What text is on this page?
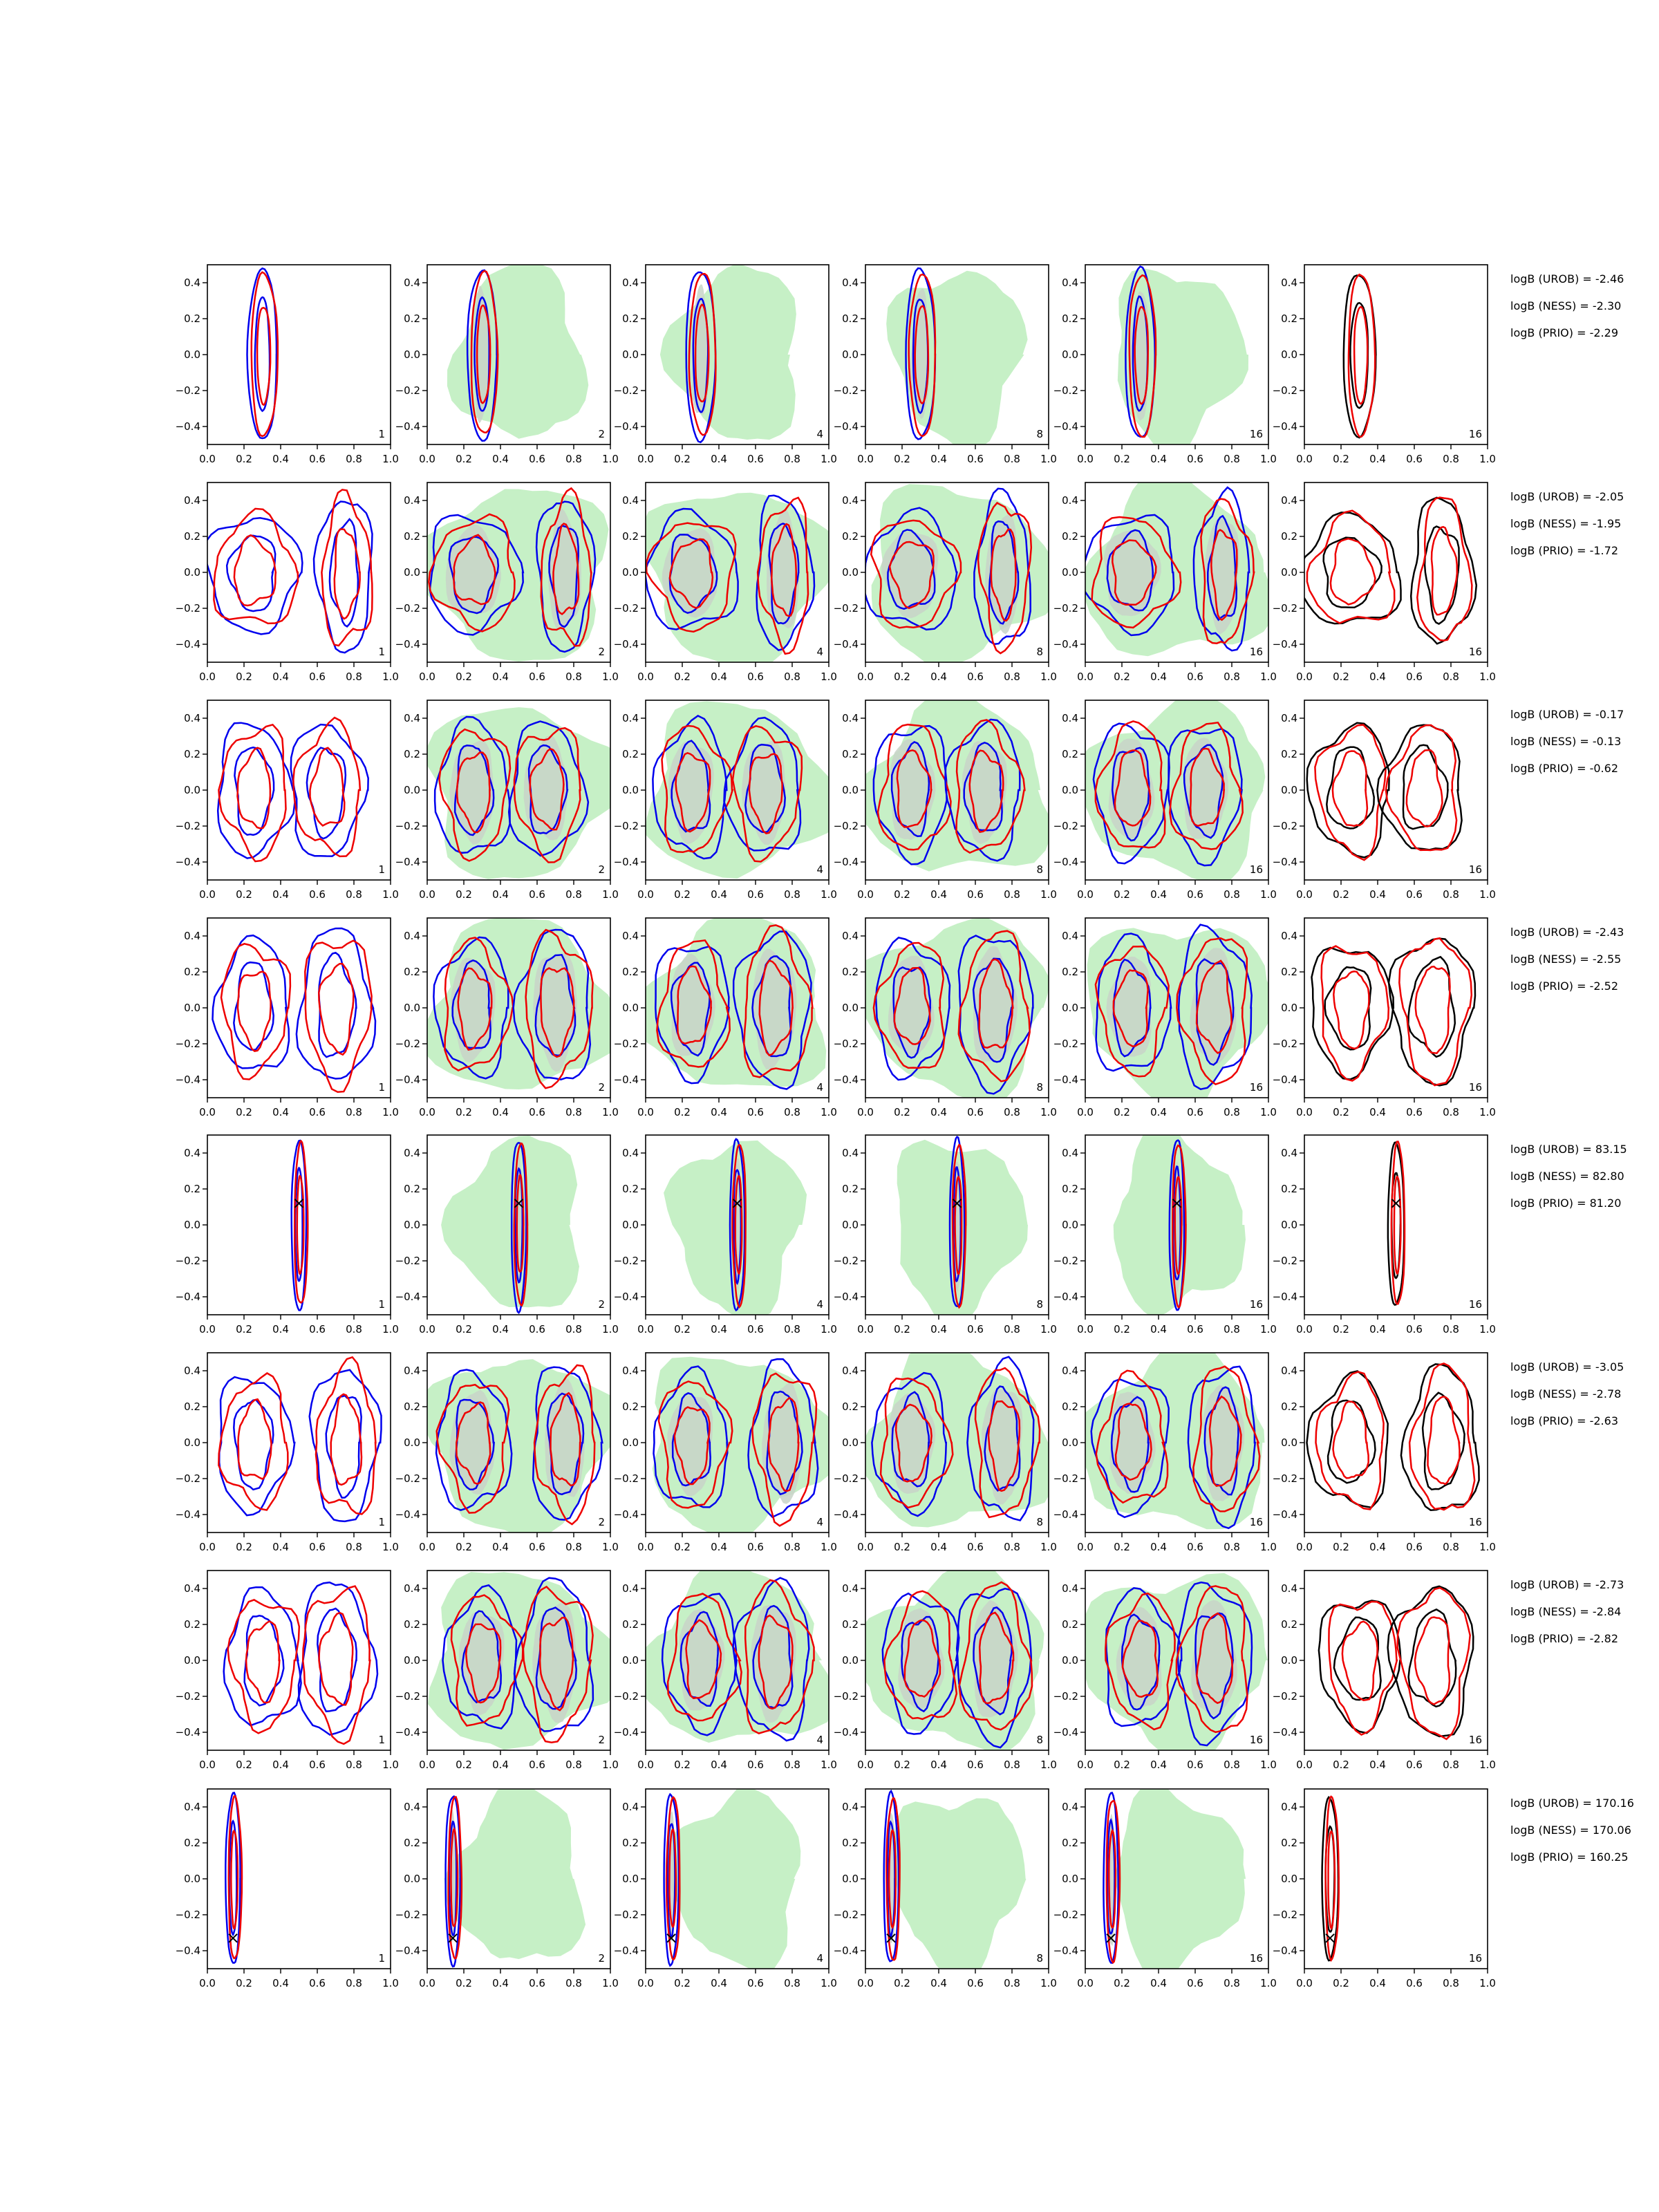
0.0 0.2 0.4 0.6 0.8 1.0
0.4
0.2
0.0
−0.2
−0.4
1
0.0 0.2 0.4 0.6 0.8 1.0
0.4
0.2
0.0
−0.2
−0.4
2
0.0 0.2 0.4 0.6 0.8 1.0
0.4
0.2
0.0
−0.2
−0.4
4
0.0 0.2 0.4 0.6 0.8 1.0
0.4
0.2
0.0
−0.2
−0.4
8
0.0 0.2 0.4 0.6 0.8 1.0
0.4
0.2
0.0
−0.2
−0.4
16
0.0 0.2 0.4 0.6 0.8 1.0
0.4
0.2
0.0
−0.2
−0.4
16
logB (UROB) = -2.46
logB (NESS) = -2.30
logB (PRIO) = -2.29
0.0 0.2 0.4 0.6 0.8 1.0
0.4
0.2
0.0
−0.2
−0.4
1
0.0 0.2 0.4 0.6 0.8 1.0
0.4
0.2
0.0
−0.2
−0.4
2
0.0 0.2 0.4 0.6 0.8 1.0
0.4
0.2
0.0
−0.2
−0.4
4
0.0 0.2 0.4 0.6 0.8 1.0
0.4
0.2
0.0
−0.2
−0.4
8
0.0 0.2 0.4 0.6 0.8 1.0
0.4
0.2
0.0
−0.2
−0.4
16
0.0 0.2 0.4 0.6 0.8 1.0
0.4
0.2
0.0
−0.2
−0.4
16
logB (UROB) = -2.05
logB (NESS) = -1.95
logB (PRIO) = -1.72
0.0 0.2 0.4 0.6 0.8 1.0
0.4
0.2
0.0
−0.2
−0.4
1
0.0 0.2 0.4 0.6 0.8 1.0
0.4
0.2
0.0
−0.2
−0.4
2
0.0 0.2 0.4 0.6 0.8 1.0
0.4
0.2
0.0
−0.2
−0.4
4
0.0 0.2 0.4 0.6 0.8 1.0
0.4
0.2
0.0
−0.2
−0.4
8
0.0 0.2 0.4 0.6 0.8 1.0
0.4
0.2
0.0
−0.2
−0.4
16
0.0 0.2 0.4 0.6 0.8 1.0
0.4
0.2
0.0
−0.2
−0.4
16
logB (UROB) = -0.17
logB (NESS) = -0.13
logB (PRIO) = -0.62
0.0 0.2 0.4 0.6 0.8 1.0
0.4
0.2
0.0
−0.2
−0.4
1
0.0 0.2 0.4 0.6 0.8 1.0
0.4
0.2
0.0
−0.2
−0.4
2
0.0 0.2 0.4 0.6 0.8 1.0
0.4
0.2
0.0
−0.2
−0.4
4
0.0 0.2 0.4 0.6 0.8 1.0
0.4
0.2
0.0
−0.2
−0.4
8
0.0 0.2 0.4 0.6 0.8 1.0
0.4
0.2
0.0
−0.2
−0.4
16
0.0 0.2 0.4 0.6 0.8 1.0
0.4
0.2
0.0
−0.2
−0.4
16
logB (UROB) = -2.43
logB (NESS) = -2.55
logB (PRIO) = -2.52
0.0 0.2 0.4 0.6 0.8 1.0
0.4
0.2
0.0
−0.2
−0.4
1
0.0 0.2 0.4 0.6 0.8 1.0
0.4
0.2
0.0
−0.2
−0.4
2
0.0 0.2 0.4 0.6 0.8 1.0
0.4
0.2
0.0
−0.2
−0.4
4
0.0 0.2 0.4 0.6 0.8 1.0
0.4
0.2
0.0
−0.2
−0.4
8
0.0 0.2 0.4 0.6 0.8 1.0
0.4
0.2
0.0
−0.2
−0.4
16
0.0 0.2 0.4 0.6 0.8 1.0
0.4
0.2
0.0
−0.2
−0.4
16
logB (UROB) = 83.15
logB (NESS) = 82.80
logB (PRIO) = 81.20
0.0 0.2 0.4 0.6 0.8 1.0
0.4
0.2
0.0
−0.2
−0.4
1
0.0 0.2 0.4 0.6 0.8 1.0
0.4
0.2
0.0
−0.2
−0.4
2
0.0 0.2 0.4 0.6 0.8 1.0
0.4
0.2
0.0
−0.2
−0.4
4
0.0 0.2 0.4 0.6 0.8 1.0
0.4
0.2
0.0
−0.2
−0.4
8
0.0 0.2 0.4 0.6 0.8 1.0
0.4
0.2
0.0
−0.2
−0.4
16
0.0 0.2 0.4 0.6 0.8 1.0
0.4
0.2
0.0
−0.2
−0.4
16
logB (UROB) = -3.05
logB (NESS) = -2.78
logB (PRIO) = -2.63
0.0 0.2 0.4 0.6 0.8 1.0
0.4
0.2
0.0
−0.2
−0.4
1
0.0 0.2 0.4 0.6 0.8 1.0
0.4
0.2
0.0
−0.2
−0.4
2
0.0 0.2 0.4 0.6 0.8 1.0
0.4
0.2
0.0
−0.2
−0.4
4
0.0 0.2 0.4 0.6 0.8 1.0
0.4
0.2
0.0
−0.2
−0.4
8
0.0 0.2 0.4 0.6 0.8 1.0
0.4
0.2
0.0
−0.2
−0.4
16
0.0 0.2 0.4 0.6 0.8 1.0
0.4
0.2
0.0
−0.2
−0.4
16
logB (UROB) = -2.73
logB (NESS) = -2.84
logB (PRIO) = -2.82
0.0 0.2 0.4 0.6 0.8 1.0
0.4
0.2
0.0
−0.2
−0.4
1
0.0 0.2 0.4 0.6 0.8 1.0
0.4
0.2
0.0
−0.2
−0.4
2
0.0 0.2 0.4 0.6 0.8 1.0
0.4
0.2
0.0
−0.2
−0.4
4
0.0 0.2 0.4 0.6 0.8 1.0
0.4
0.2
0.0
−0.2
−0.4
8
0.0 0.2 0.4 0.6 0.8 1.0
0.4
0.2
0.0
−0.2
−0.4
16
0.0 0.2 0.4 0.6 0.8 1.0
0.4
0.2
0.0
−0.2
−0.4
16
logB (UROB) = 170.16
logB (NESS) = 170.06
logB (PRIO) = 160.25
